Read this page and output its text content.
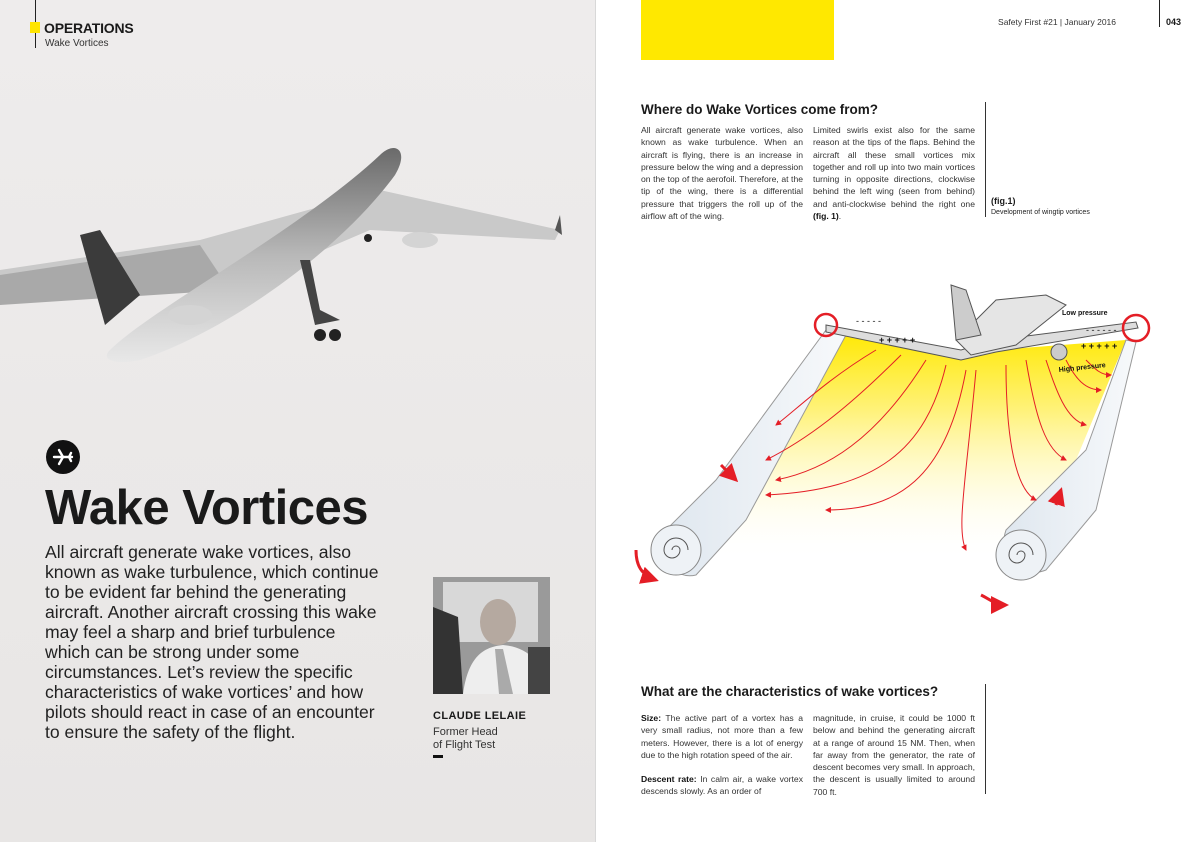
OPERATIONS
Wake Vortices
Wake Vortices
All aircraft generate wake vortices, also known as wake turbulence, which continue to be evident far behind the generating aircraft. Another aircraft crossing this wake may feel a sharp and brief turbulence which can be strong under some circumstances. Let’s review the specific characteristics of wake vortices’ and how pilots should react in case of an encounter to ensure the safety of the flight.
CLAUDE LELAIE
Former Head
of Flight Test
Safety First #21 | January 2016	043
Where do Wake Vortices come from?
All aircraft generate wake vortices, also known as wake turbulence. When an aircraft is flying, there is an increase in pressure below the wing and a depression on the top of the aerofoil. Therefore, at the tip of the wing, there is a differential pressure that triggers the roll up of the airflow aft of the wing.
Limited swirls exist also for the same reason at the tips of the flaps. Behind the aircraft all these small vortices mix together and roll up into two main vortices turning in opposite directions, clockwise behind the left wing (seen from behind) and anti-clockwise behind the right one (fig. 1).
(fig.1)
Development of wingtip vortices
+ + + + +
+ + + + +
- - - - -
- - - - - -
Low pressure
High pressure
What are the characteristics of wake vortices?
Size: The active part of a vortex has a very small radius, not more than a few meters. However, there is a lot of energy due to the high rotation speed of the air.
Descent rate: In calm air, a wake vortex descends slowly. As an order of
magnitude, in cruise, it could be 1000 ft below and behind the generating aircraft at a range of around 15 NM. Then, when far away from the generator, the rate of descent becomes very small. In approach, the descent is usually limited to around 700 ft.
